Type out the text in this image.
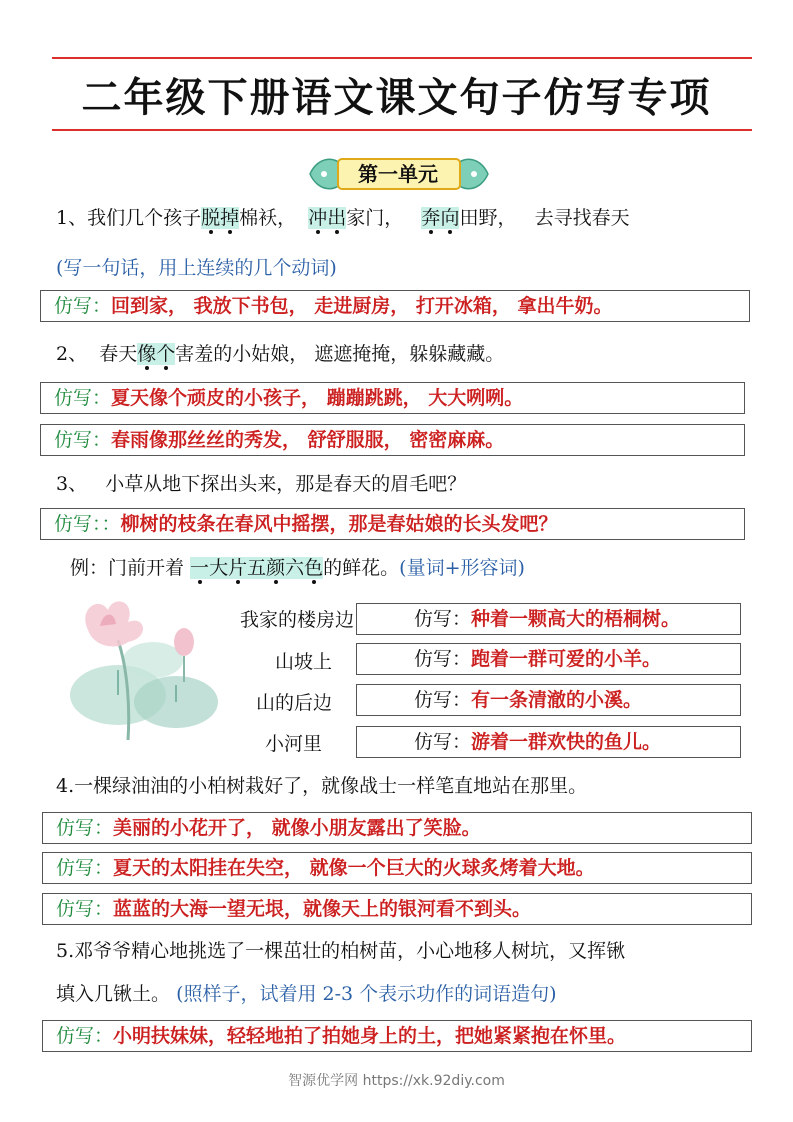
二年级下册语文课文句子仿写专项
第一单元
1、我们几个孩子脱掉棉袄， 冲出家门， 奔向田野， 去寻找春天
(写一句话，用上连续的几个动词)
仿写：回到家， 我放下书包， 走进厨房， 打开冰箱， 拿出牛奶。
2、 春天像个害羞的小姑娘， 遮遮掩掩，躲躲藏藏。
仿写：夏天像个顽皮的小孩子， 蹦蹦跳跳， 大大咧咧。
仿写：春雨像那丝丝的秀发， 舒舒服服， 密密麻麻。
3、 小草从地下探出头来，那是春天的眉毛吧？
仿写：：柳树的枝条在春风中摇摆，那是春姑娘的长头发吧？
例：门前开着 一大片五颜六色的鲜花。(量词+形容词)
我家的楼房边	仿写：种着一颗高大的梧桐树。
山坡上	仿写：跑着一群可爱的小羊。
山的后边	仿写：有一条清澈的小溪。
小河里	仿写：游着一群欢快的鱼儿。
4.一棵绿油油的小柏树栽好了，就像战士一样笔直地站在那里。
仿写：美丽的小花开了， 就像小朋友露出了笑脸。
仿写：夏天的太阳挂在失空， 就像一个巨大的火球炙烤着大地。
仿写：蓝蓝的大海一望无垠，就像天上的银河看不到头。
5.邓爷爷精心地挑选了一棵茁壮的柏树苗，小心地移人树坑，又挥锹
填入几锹土。 (照样子，试着用 2-3 个表示功作的词语造句)
仿写：小明扶妹妹，轻轻地拍了拍她身上的土，把她紧紧抱在怀里。
智源优学网 https://xk.92diy.com
